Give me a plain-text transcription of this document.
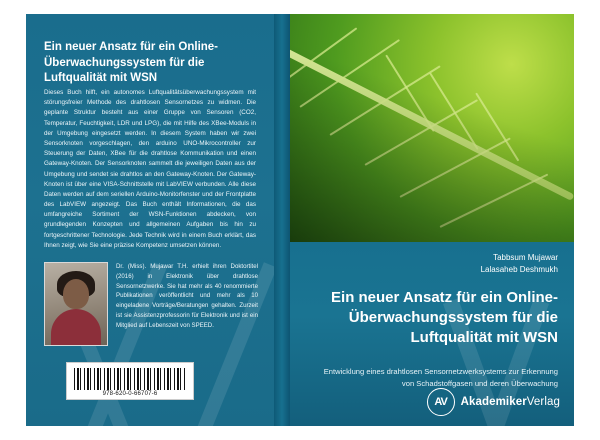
Ein neuer Ansatz für ein Online-Überwachungssystem für die Luftqualität mit WSN
Dieses Buch hilft, ein autonomes Luftqualitätsüberwachungssystem mit störungsfreier Methode des drahtlosen Sensornetzes zu widmen. Die geplante Struktur besteht aus einer Gruppe von Sensoren (CO2, Temperatur, Feuchtigkeit, LDR und LPG), die mit Hilfe des XBee-Moduls in der Umgebung eingesetzt werden. In diesem System haben wir zwei Sensorknoten vorgeschlagen, den arduino UNO-Mikrocontroller zur Steuerung der Daten, XBee für die drahtlose Kommunikation und einen Gateway-Knoten. Der Sensorknoten sammelt die jeweiligen Daten aus der Umgebung und sendet sie drahtlos an den Gateway-Knoten. Der Gateway-Knoten ist über eine VISA-Schnittstelle mit LabVIEW verbunden. Alle diese Daten werden auf dem seriellen Arduino-Monitorfenster und der Frontplatte des LabVIEW angezeigt. Das Buch enthält Informationen, die das umfangreiche Sortiment der WSN-Funktionen abdecken, von grundlegenden Konzepten und allgemeinen Aufgaben bis hin zu fortgeschrittener Technologie. Jede Technik wird in einem Buch erklärt, das Ihnen zeigt, wie Sie eine präzise Kompetenz umsetzen können.
Dr. (Miss). Mujawar T.H. erhielt ihren Doktortitel (2016) in Elektronik über drahtlose Sensornetzwerke. Sie hat mehr als 40 renommierte Publikationen veröffentlicht und mehr als 10 eingeladene Vorträge/Beratungen gehalten. Zurzeit ist sie Assistenzprofessorin für Elektronik und ist ein Mitglied auf Lebenszeit von SPEED.
978-620-0-66707-6
Tabbsum Mujawar
Lalasaheb Deshmukh
Ein neuer Ansatz für ein Online-Überwachungssystem für die Luftqualität mit WSN
Entwicklung eines drahtlosen Sensornetzwerksystems zur Erkennung von Schadstoffgasen und deren Überwachung
AV	AkademikerVerlag
